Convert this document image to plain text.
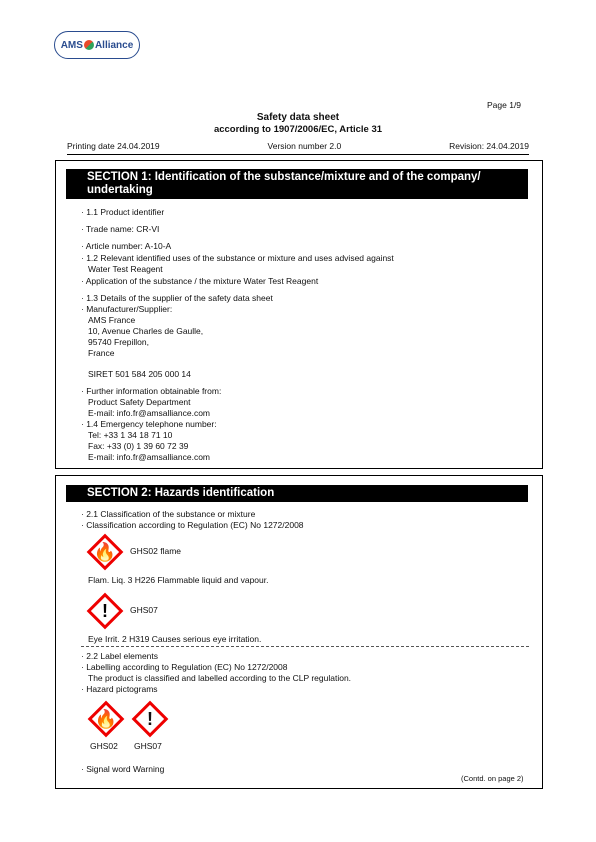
AMS Alliance
Page 1/9
Safety data sheet
according to 1907/2006/EC, Article 31
Printing date 24.04.2019	Version number 2.0	Revision: 24.04.2019
SECTION 1: Identification of the substance/mixture and of the company/ undertaking
· 1.1 Product identifier
· Trade name: CR-VI
· Article number: A-10-A
· 1.2 Relevant identified uses of the substance or mixture and uses advised against
Water Test Reagent
· Application of the substance / the mixture Water Test Reagent
· 1.3 Details of the supplier of the safety data sheet
· Manufacturer/Supplier:
AMS France
10, Avenue Charles de Gaulle,
95740 Frepillon,
France
SIRET 501 584 205 000 14
· Further information obtainable from:
Product Safety Department
E-mail: info.fr@amsalliance.com
· 1.4 Emergency telephone number:
Tel: +33 1 34 18 71 10
Fax: +33 (0) 1 39 60 72 39
E-mail: info.fr@amsalliance.com
SECTION 2: Hazards identification
· 2.1 Classification of the substance or mixture
· Classification according to Regulation (EC) No 1272/2008
🔥	GHS02 flame
Flam. Liq. 3 H226 Flammable liquid and vapour.
!	GHS07
Eye Irrit. 2 H319 Causes serious eye irritation.
· 2.2 Label elements
· Labelling according to Regulation (EC) No 1272/2008
The product is classified and labelled according to the CLP regulation.
· Hazard pictograms
🔥	!
GHS02 GHS07
· Signal word Warning
(Contd. on page 2)
